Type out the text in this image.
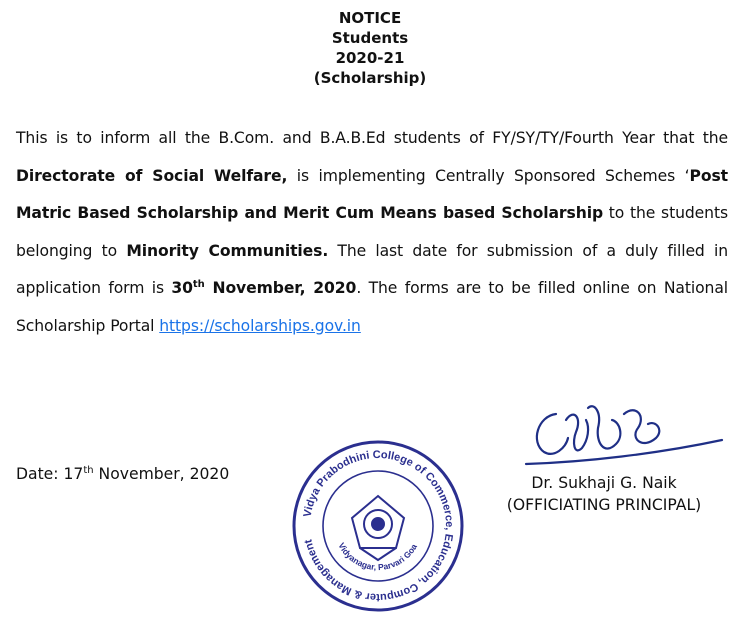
NOTICE
Students
2020-21
(Scholarship)
This is to inform all the B.Com. and B.A.B.Ed students of FY/SY/TY/Fourth Year that the Directorate of Social Welfare, is implementing Centrally Sponsored Schemes ‘Post Matric Based Scholarship and Merit Cum Means based Scholarship to the students belonging to Minority Communities. The last date for submission of a duly filled in application form is 30th November, 2020. The forms are to be filled online on National Scholarship Portal https://scholarships.gov.in
Date: 17th November, 2020	Dr. Sukhaji G. Naik
(OFFICIATING PRINCIPAL)
Vidya Prabodhini College of Commerce, Education, Computer & Management	Vidyanagar, Parvari Goa
